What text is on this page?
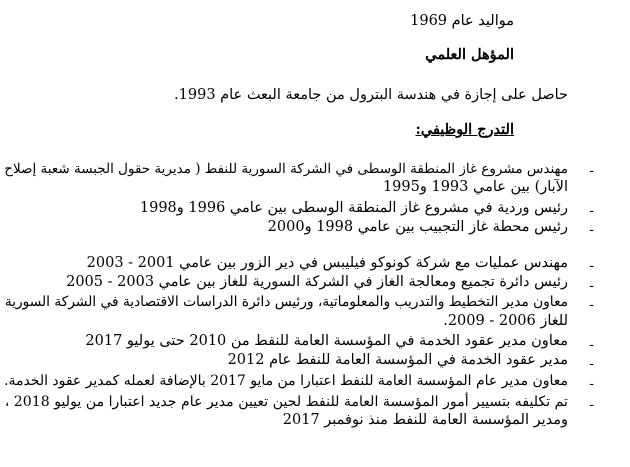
مواليد عام 1969
المؤهل العلمي
حاصل على إجازة في هندسة البترول من جامعة البعث عام 1993.
التدرج الوظيفي:
-
مهندس مشروع غاز المنطقة الوسطى في الشركة السورية للنفط ( مديرية حقول الجبسة شعبة إصلاح
الآبار) بين عامي 1993 و1995
-
رئيس وردية في مشروع غاز المنطقة الوسطى بين عامي 1996 و1998
-
رئيس محطة غاز التجبيب بين عامي 1998 و2000
-
مهندس عمليات مع شركة كونوكو فيليبس في دير الزور بين عامي 2001 - 2003
-
رئيس دائرة تجميع ومعالجة الغاز في الشركة السورية للغاز بين عامي 2003 - 2005
-
معاون مدير التخطيط والتدريب والمعلوماتية، ورئيس دائرة الدراسات الاقتصادية في الشركة السورية
للغاز 2006 - 2009.
-
معاون مدير عقود الخدمة في المؤسسة العامة للنفط من 2010 حتى يوليو 2017
-
مدير عقود الخدمة في المؤسسة العامة للنفط عام 2012
-
معاون مدير عام المؤسسة العامة للنفط اعتبارا من مايو 2017 بالإضافة لعمله كمدير عقود الخدمة.
-
تم تكليفه بتسيير أمور المؤسسة العامة للنفط لحين تعيين مدير عام جديد اعتبارا من يوليو 2018 ،
ومدير المؤسسة العامة للنفط منذ نوفمبر 2017
